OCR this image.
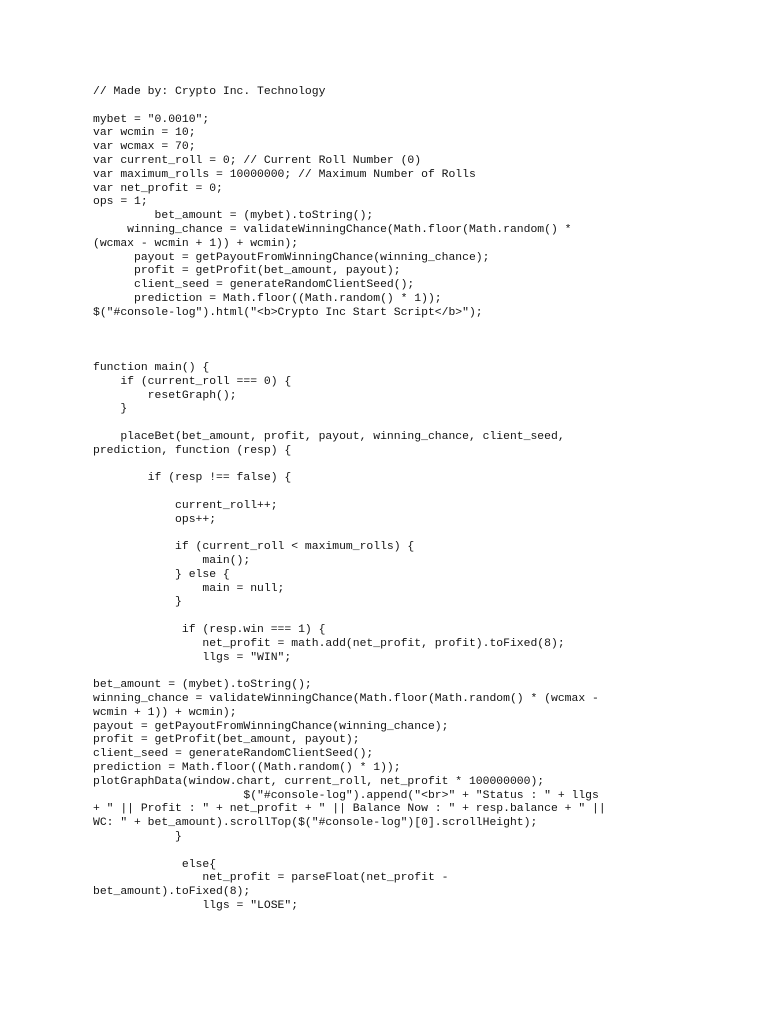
// Made by: Crypto Inc. Technology
mybet = "0.0010";
var wcmin = 10;
var wcmax = 70;
var current_roll = 0; // Current Roll Number (0)
var maximum_rolls = 10000000; // Maximum Number of Rolls
var net_profit = 0;
ops = 1;
bet_amount = (mybet).toString();
winning_chance = validateWinningChance(Math.floor(Math.random() *
(wcmax - wcmin + 1)) + wcmin);
payout = getPayoutFromWinningChance(winning_chance);
profit = getProfit(bet_amount, payout);
client_seed = generateRandomClientSeed();
prediction = Math.floor((Math.random() * 1));
$("#console-log").html("<b>Crypto Inc Start Script</b>");
function main() {
if (current_roll === 0) {
resetGraph();
}
placeBet(bet_amount, profit, payout, winning_chance, client_seed,
prediction, function (resp) {
if (resp !== false) {
current_roll++;
ops++;
if (current_roll < maximum_rolls) {
main();
} else {
main = null;
}
if (resp.win === 1) {
net_profit = math.add(net_profit, profit).toFixed(8);
llgs = "WIN";
bet_amount = (mybet).toString();
winning_chance = validateWinningChance(Math.floor(Math.random() * (wcmax -
wcmin + 1)) + wcmin);
payout = getPayoutFromWinningChance(winning_chance);
profit = getProfit(bet_amount, payout);
client_seed = generateRandomClientSeed();
prediction = Math.floor((Math.random() * 1));
plotGraphData(window.chart, current_roll, net_profit * 100000000);
$("#console-log").append("<br>" + "Status : " + llgs
+ " || Profit : " + net_profit + " || Balance Now : " + resp.balance + " ||
WC: " + bet_amount).scrollTop($("#console-log")[0].scrollHeight);
}
else{
net_profit = parseFloat(net_profit -
bet_amount).toFixed(8);
llgs = "LOSE";
